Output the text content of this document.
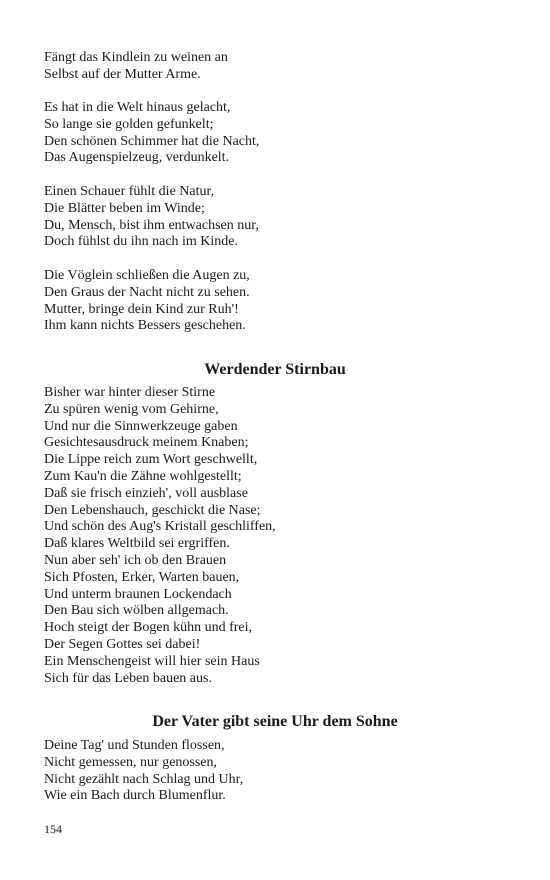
Fängt das Kindlein zu weinen an
Selbst auf der Mutter Arme.
Es hat in die Welt hinaus gelacht,
So lange sie golden gefunkelt;
Den schönen Schimmer hat die Nacht,
Das Augenspielzeug, verdunkelt.
Einen Schauer fühlt die Natur,
Die Blätter beben im Winde;
Du, Mensch, bist ihm entwachsen nur,
Doch fühlst du ihn nach im Kinde.
Die Vöglein schließen die Augen zu,
Den Graus der Nacht nicht zu sehen.
Mutter, bringe dein Kind zur Ruh'!
Ihm kann nichts Bessers geschehen.
Werdender Stirnbau
Bisher war hinter dieser Stirne
Zu spüren wenig vom Gehirne,
Und nur die Sinnwerkzeuge gaben
Gesichtesausdruck meinem Knaben;
Die Lippe reich zum Wort geschwellt,
Zum Kau'n die Zähne wohlgestellt;
Daß sie frisch einzieh', voll ausblase
Den Lebenshauch, geschickt die Nase;
Und schön des Aug's Kristall geschliffen,
Daß klares Weltbild sei ergriffen.
Nun aber seh' ich ob den Brauen
Sich Pfosten, Erker, Warten bauen,
Und unterm braunen Lockendach
Den Bau sich wölben allgemach.
Hoch steigt der Bogen kühn und frei,
Der Segen Gottes sei dabei!
Ein Menschengeist will hier sein Haus
Sich für das Leben bauen aus.
Der Vater gibt seine Uhr dem Sohne
Deine Tag' und Stunden flossen,
Nicht gemessen, nur genossen,
Nicht gezählt nach Schlag und Uhr,
Wie ein Bach durch Blumenflur.
154
